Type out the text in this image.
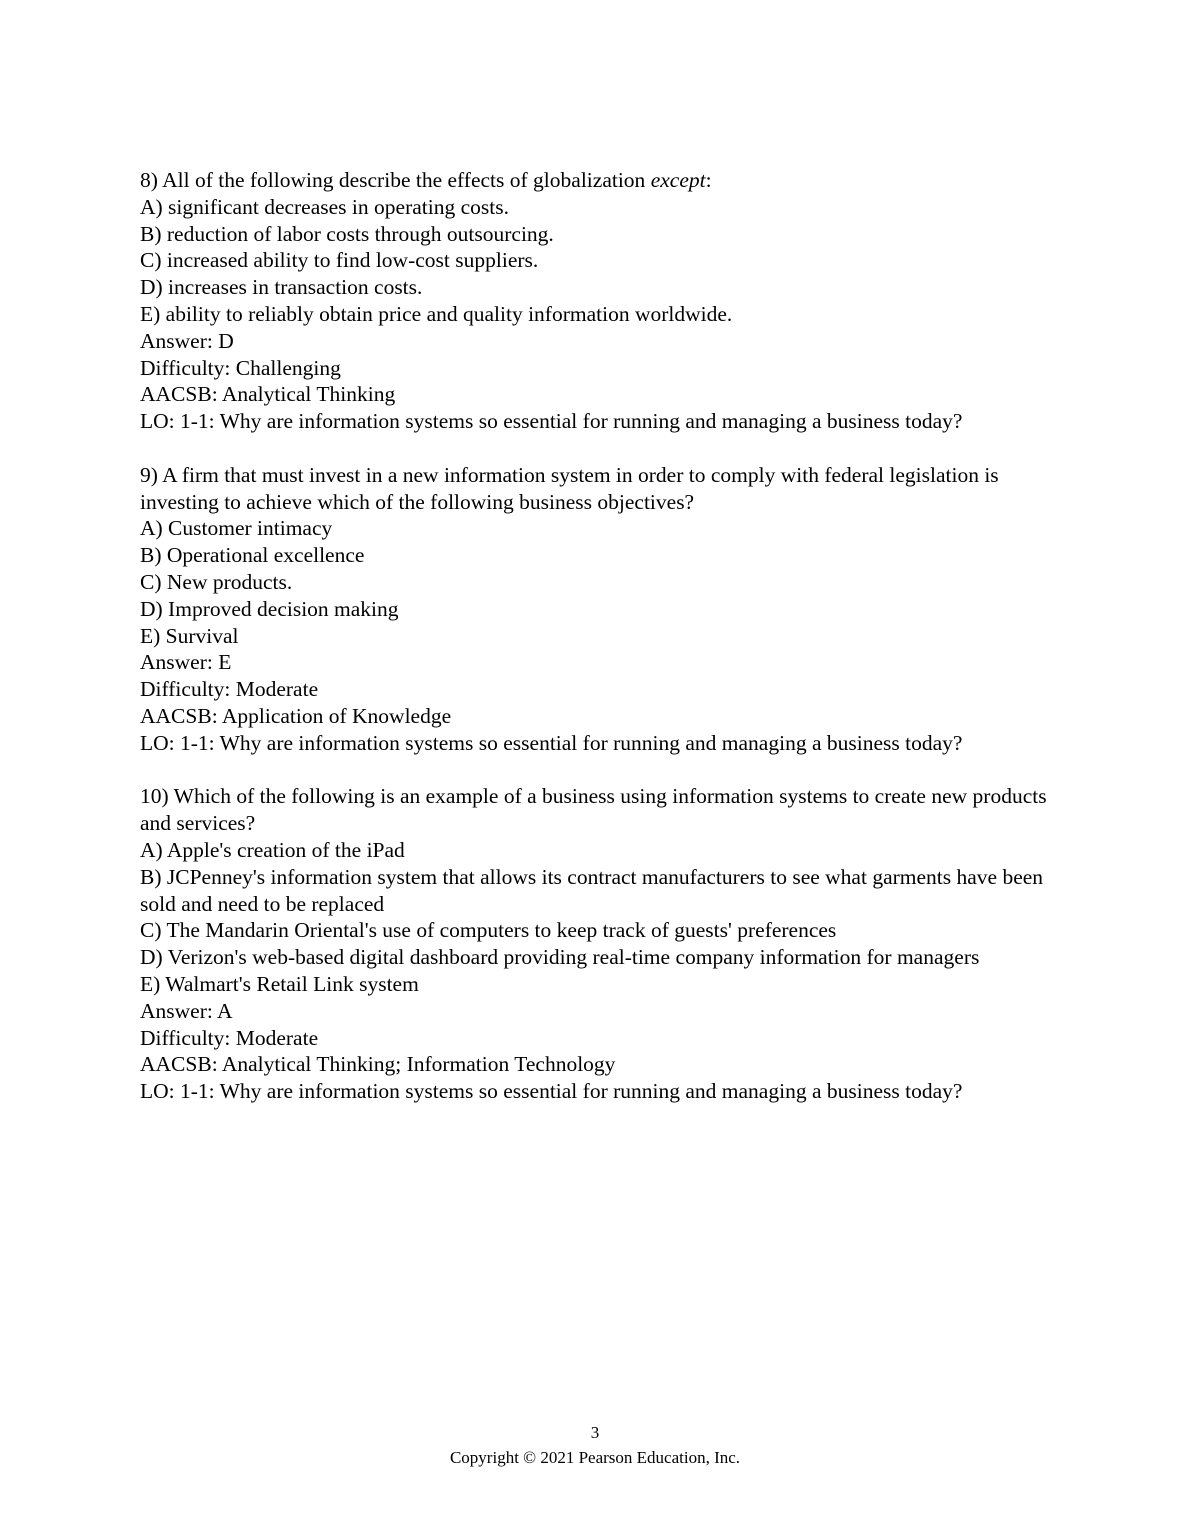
8) All of the following describe the effects of globalization except:
A) significant decreases in operating costs.
B) reduction of labor costs through outsourcing.
C) increased ability to find low-cost suppliers.
D) increases in transaction costs.
E) ability to reliably obtain price and quality information worldwide.
Answer: D
Difficulty: Challenging
AACSB: Analytical Thinking
LO: 1-1: Why are information systems so essential for running and managing a business today?
9) A firm that must invest in a new information system in order to comply with federal legislation is investing to achieve which of the following business objectives?
A) Customer intimacy
B) Operational excellence
C) New products.
D) Improved decision making
E) Survival
Answer: E
Difficulty: Moderate
AACSB: Application of Knowledge
LO: 1-1: Why are information systems so essential for running and managing a business today?
10) Which of the following is an example of a business using information systems to create new products and services?
A) Apple's creation of the iPad
B) JCPenney's information system that allows its contract manufacturers to see what garments have been sold and need to be replaced
C) The Mandarin Oriental's use of computers to keep track of guests' preferences
D) Verizon's web-based digital dashboard providing real-time company information for managers
E) Walmart's Retail Link system
Answer: A
Difficulty: Moderate
AACSB: Analytical Thinking; Information Technology
LO: 1-1: Why are information systems so essential for running and managing a business today?
3
Copyright © 2021 Pearson Education, Inc.
